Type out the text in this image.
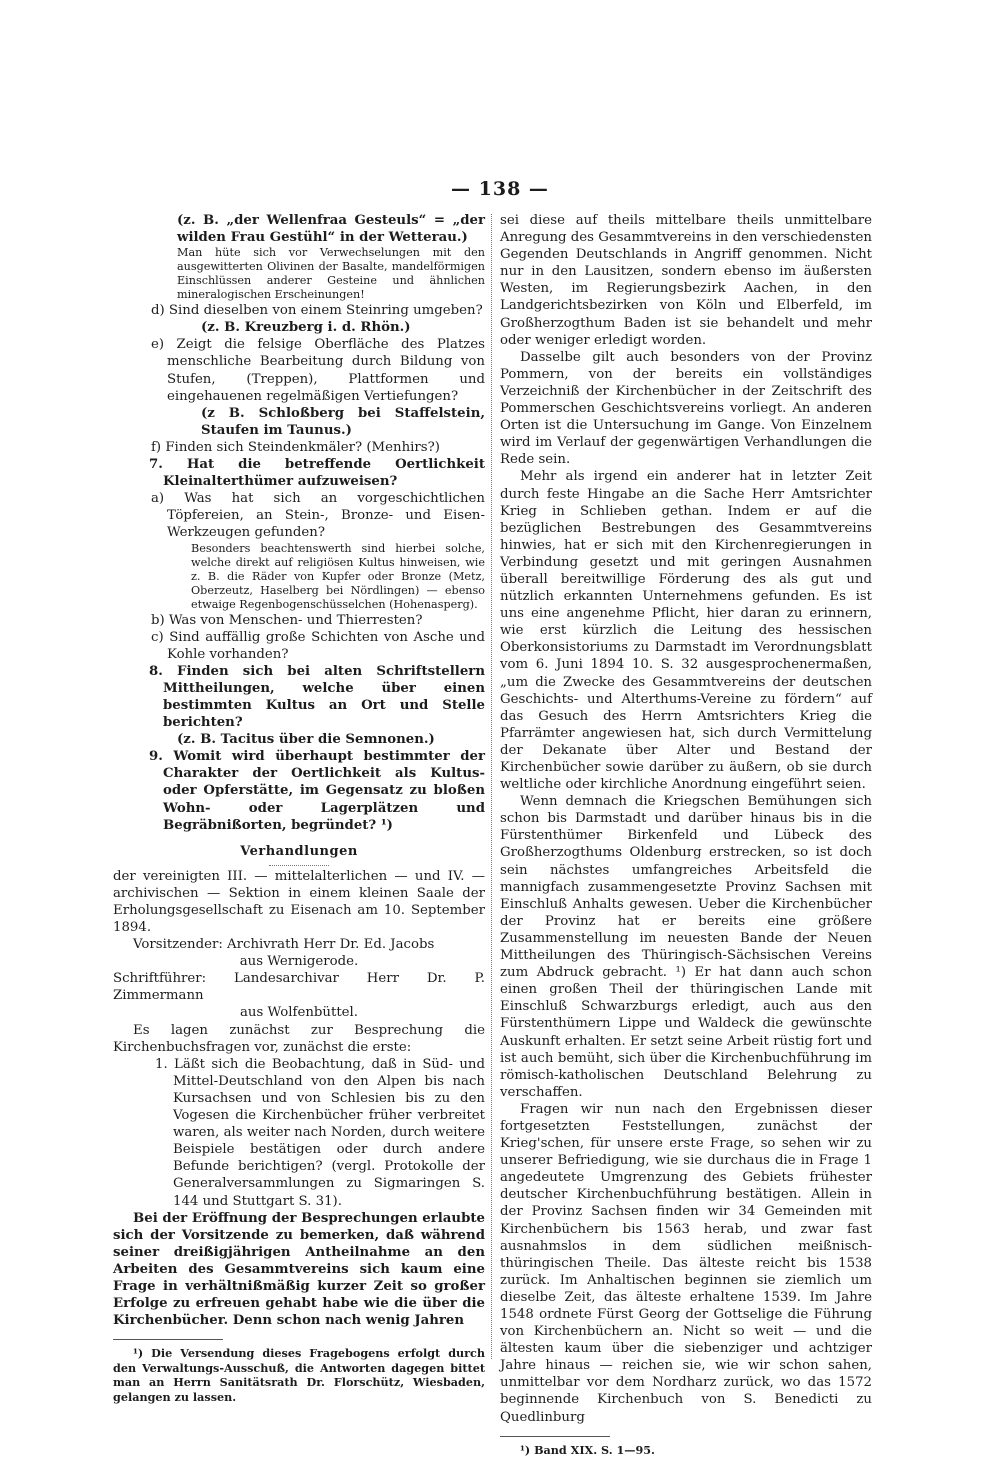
— 138 —

(z. B. „der Wellenfraa Gesteuls“ = „der wilden Frau Gestühl“ in der Wetterau.)

Man hüte sich vor Verwechselungen mit den ausgewitterten Olivinen der Basalte, mandelförmigen Einschlüssen anderer Gesteine und ähnlichen mineralogischen Erscheinungen!

d) Sind dieselben von einem Steinring umgeben?

(z. B. Kreuzberg i. d. Rhön.)

e) Zeigt die felsige Oberfläche des Platzes menschliche Bearbeitung durch Bildung von Stufen, (Treppen), Plattformen und eingehauenen regelmäßigen Vertiefungen?

(z B. Schloßberg bei Staffelstein, Staufen im Taunus.)

f) Finden sich Steindenkmäler? (Menhirs?)

7. Hat die betreffende Oertlichkeit Kleinalterthümer aufzuweisen?

a) Was hat sich an vorgeschichtlichen Töpfereien, an Stein-, Bronze- und Eisen-Werkzeugen gefunden?

Besonders beachtenswerth sind hierbei solche, welche direkt auf religiösen Kultus hinweisen, wie z. B. die Räder von Kupfer oder Bronze (Metz, Oberzeutz, Haselberg bei Nördlingen) — ebenso etwaige Regenbogenschüsselchen (Hohenasperg).

b) Was von Menschen- und Thierresten?

c) Sind auffällig große Schichten von Asche und Kohle vorhanden?

8. Finden sich bei alten Schriftstellern Mittheilungen, welche über einen bestimmten Kultus an Ort und Stelle berichten?

(z. B. Tacitus über die Semnonen.)

9. Womit wird überhaupt bestimmter der Charakter der Oertlichkeit als Kultus- oder Opferstätte, im Gegensatz zu bloßen Wohn- oder Lagerplätzen und Begräbnißorten, begründet? ¹)

Verhandlungen

der vereinigten III. — mittelalterlichen — und IV. — archivischen — Sektion in einem kleinen Saale der Erholungsgesellschaft zu Eisenach am 10. September 1894.

Vorsitzender: Archivrath Herr Dr. Ed. Jacobs

aus Wernigerode.

Schriftführer: Landesarchivar Herr Dr. P. Zimmermann

aus Wolfenbüttel.

Es lagen zunächst zur Besprechung die Kirchenbuchsfragen vor, zunächst die erste:

1. Läßt sich die Beobachtung, daß in Süd- und Mittel-Deutschland von den Alpen bis nach Kursachsen und von Schlesien bis zu den Vogesen die Kirchenbücher früher verbreitet waren, als weiter nach Norden, durch weitere Beispiele bestätigen oder durch andere Befunde berichtigen? (vergl. Protokolle der Generalversammlungen zu Sigmaringen S. 144 und Stuttgart S. 31).

Bei der Eröffnung der Besprechungen erlaubte sich der Vorsitzende zu bemerken, daß während seiner dreißigjährigen Antheilnahme an den Arbeiten des Gesammtvereins sich kaum eine Frage in verhältnißmäßig kurzer Zeit so großer Erfolge zu erfreuen gehabt habe wie die über die Kirchenbücher. Denn schon nach wenig Jahren

¹) Die Versendung dieses Fragebogens erfolgt durch den Verwaltungs-Ausschuß, die Antworten dagegen bittet man an Herrn Sanitätsrath Dr. Florschütz, Wiesbaden, gelangen zu lassen.

sei diese auf theils mittelbare theils unmittelbare Anregung des Gesammtvereins in den verschiedensten Gegenden Deutschlands in Angriff genommen. Nicht nur in den Lausitzen, sondern ebenso im äußersten Westen, im Regierungsbezirk Aachen, in den Landgerichtsbezirken von Köln und Elberfeld, im Großherzogthum Baden ist sie behandelt und mehr oder weniger erledigt worden.

Dasselbe gilt auch besonders von der Provinz Pommern, von der bereits ein vollständiges Verzeichniß der Kirchenbücher in der Zeitschrift des Pommerschen Geschichtsvereins vorliegt. An anderen Orten ist die Untersuchung im Gange. Von Einzelnem wird im Verlauf der gegenwärtigen Verhandlungen die Rede sein.

Mehr als irgend ein anderer hat in letzter Zeit durch feste Hingabe an die Sache Herr Amtsrichter Krieg in Schlieben gethan. Indem er auf die bezüglichen Bestrebungen des Gesammtvereins hinwies, hat er sich mit den Kirchenregierungen in Verbindung gesetzt und mit geringen Ausnahmen überall bereitwillige Förderung des als gut und nützlich erkannten Unternehmens gefunden. Es ist uns eine angenehme Pflicht, hier daran zu erinnern, wie erst kürzlich die Leitung des hessischen Oberkonsistoriums zu Darmstadt im Verordnungsblatt vom 6. Juni 1894 10. S. 32 ausgesprochenermaßen, „um die Zwecke des Gesammtvereins der deutschen Geschichts- und Alterthums-Vereine zu fördern“ auf das Gesuch des Herrn Amtsrichters Krieg die Pfarrämter angewiesen hat, sich durch Vermittelung der Dekanate über Alter und Bestand der Kirchenbücher sowie darüber zu äußern, ob sie durch weltliche oder kirchliche Anordnung eingeführt seien.

Wenn demnach die Kriegschen Bemühungen sich schon bis Darmstadt und darüber hinaus bis in die Fürstenthümer Birkenfeld und Lübeck des Großherzogthums Oldenburg erstrecken, so ist doch sein nächstes umfangreiches Arbeitsfeld die mannigfach zusammengesetzte Provinz Sachsen mit Einschluß Anhalts gewesen. Ueber die Kirchenbücher der Provinz hat er bereits eine größere Zusammenstellung im neuesten Bande der Neuen Mittheilungen des Thüringisch-Sächsischen Vereins zum Abdruck gebracht. ¹) Er hat dann auch schon einen großen Theil der thüringischen Lande mit Einschluß Schwarzburgs erledigt, auch aus den Fürstenthümern Lippe und Waldeck die gewünschte Auskunft erhalten. Er setzt seine Arbeit rüstig fort und ist auch bemüht, sich über die Kirchenbuchführung im römisch-katholischen Deutschland Belehrung zu verschaffen.

Fragen wir nun nach den Ergebnissen dieser fortgesetzten Feststellungen, zunächst der Krieg'schen, für unsere erste Frage, so sehen wir zu unserer Befriedigung, wie sie durchaus die in Frage 1 angedeutete Umgrenzung des Gebiets frühester deutscher Kirchenbuchführung bestätigen. Allein in der Provinz Sachsen finden wir 34 Gemeinden mit Kirchenbüchern bis 1563 herab, und zwar fast ausnahmslos in dem südlichen meißnisch-thüringischen Theile. Das älteste reicht bis 1538 zurück. Im Anhaltischen beginnen sie ziemlich um dieselbe Zeit, das älteste erhaltene 1539. Im Jahre 1548 ordnete Fürst Georg der Gottselige die Führung von Kirchenbüchern an. Nicht so weit — und die ältesten kaum über die siebenziger und achtziger Jahre hinaus — reichen sie, wie wir schon sahen, unmittelbar vor dem Nordharz zurück, wo das 1572 beginnende Kirchenbuch von S. Benedicti zu Quedlinburg

¹) Band XIX. S. 1—95.
